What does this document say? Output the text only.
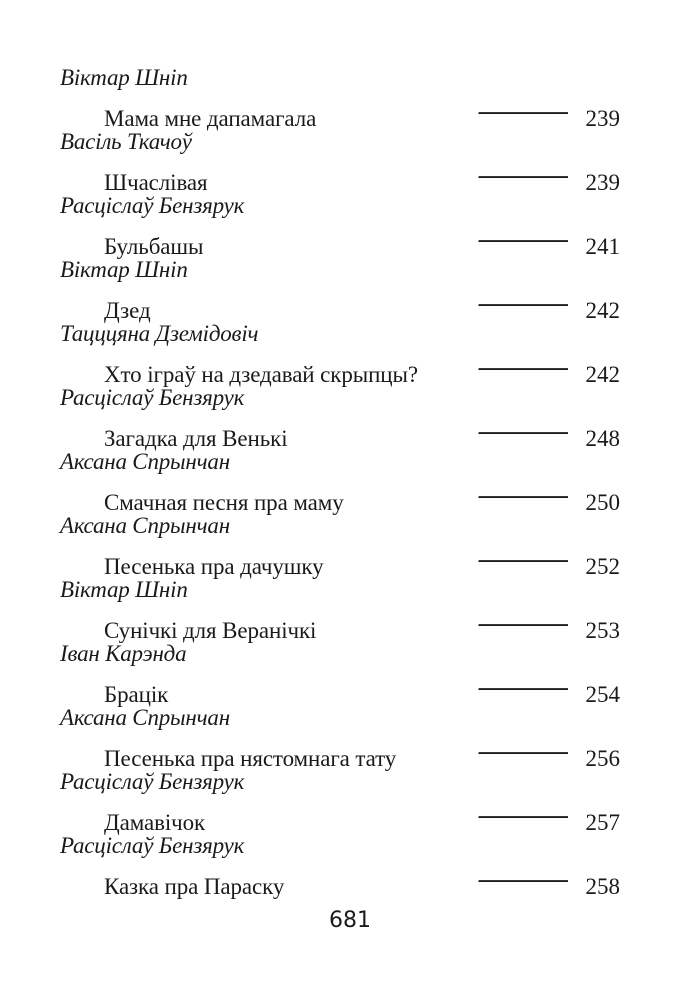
Віктар Шніп
Мама мне дапамагала . . .	239
Васіль Ткачоў
Шчаслівая . . .	239
Расціслаў Бензярук
Бульбашы . . .	241
Віктар Шніп
Дзед . . .	242
Тацццяна Дземідовіч
Хто іграў на дзедавай скрыпцы? . . .	242
Расціслаў Бензярук
Загадка для Венькі . . .	248
Аксана Спрынчан
Смачная песня пра маму . . .	250
Аксана Спрынчан
Песенька пра дачушку . . .	252
Віктар Шніп
Сунічкі для Веранічкі . . .	253
Іван Карэнда
Брацік . . .	254
Аксана Спрынчан
Песенька пра нястомнага тату . . .	256
Расціслаў Бензярук
Дамавічок . . .	257
Расціслаў Бензярук
Казка пра Параску . . .	258
681
